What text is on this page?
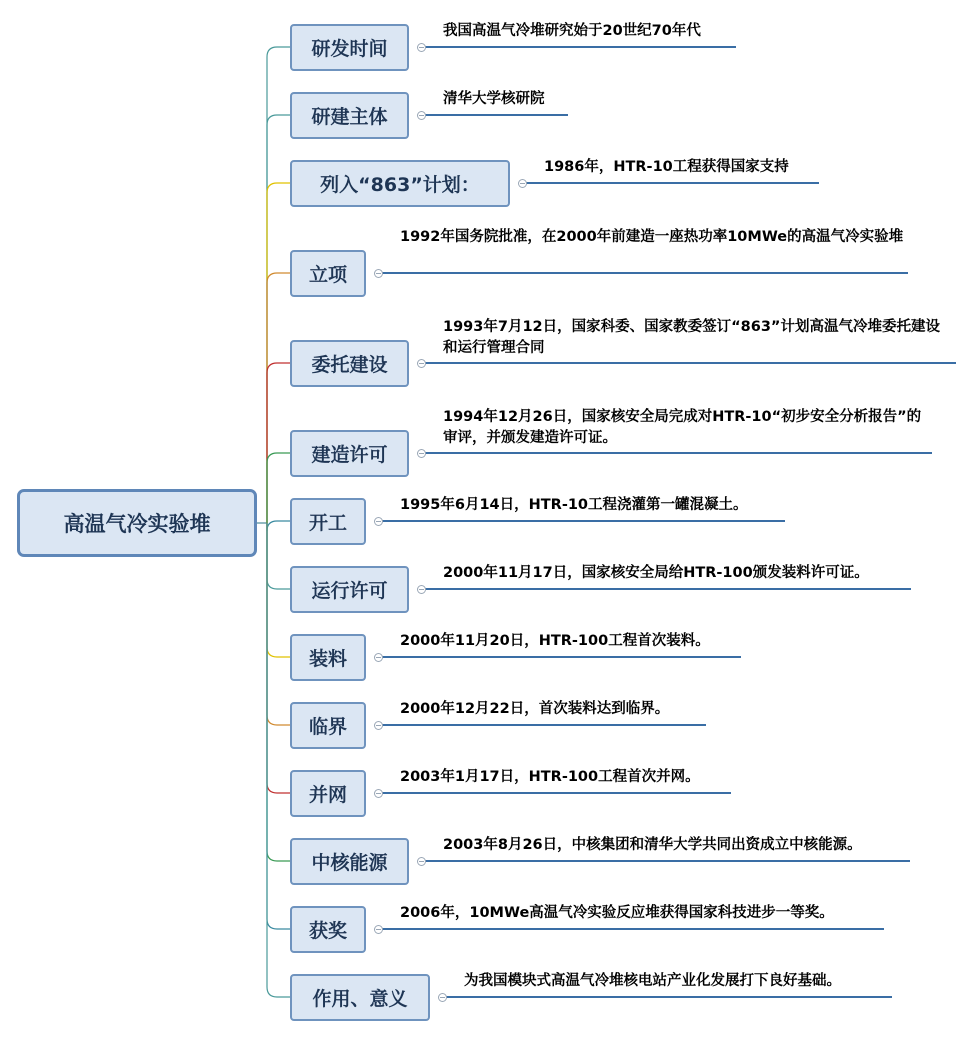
高温气冷实验堆
研发时间
我国高温气冷堆研究始于20世纪70年代
研建主体
清华大学核研院
列入“863”计划：
1986年，HTR-10工程获得国家支持
立项
1992年国务院批准，在2000年前建造一座热功率10MWe的高温气冷实验堆
委托建设
1993年7月12日，国家科委、国家教委签订“863”计划高温气冷堆委托建设和运行管理合同
建造许可
1994年12月26日，国家核安全局完成对HTR-10“初步安全分析报告”的审评，并颁发建造许可证。
开工
1995年6月14日，HTR-10工程浇灌第一罐混凝土。
运行许可
2000年11月17日，国家核安全局给HTR-100颁发装料许可证。
装料
2000年11月20日，HTR-100工程首次装料。
临界
2000年12月22日，首次装料达到临界。
并网
2003年1月17日，HTR-100工程首次并网。
中核能源
2003年8月26日，中核集团和清华大学共同出资成立中核能源。
获奖
2006年，10MWe高温气冷实验反应堆获得国家科技进步一等奖。
作用、意义
为我国模块式高温气冷堆核电站产业化发展打下良好基础。
